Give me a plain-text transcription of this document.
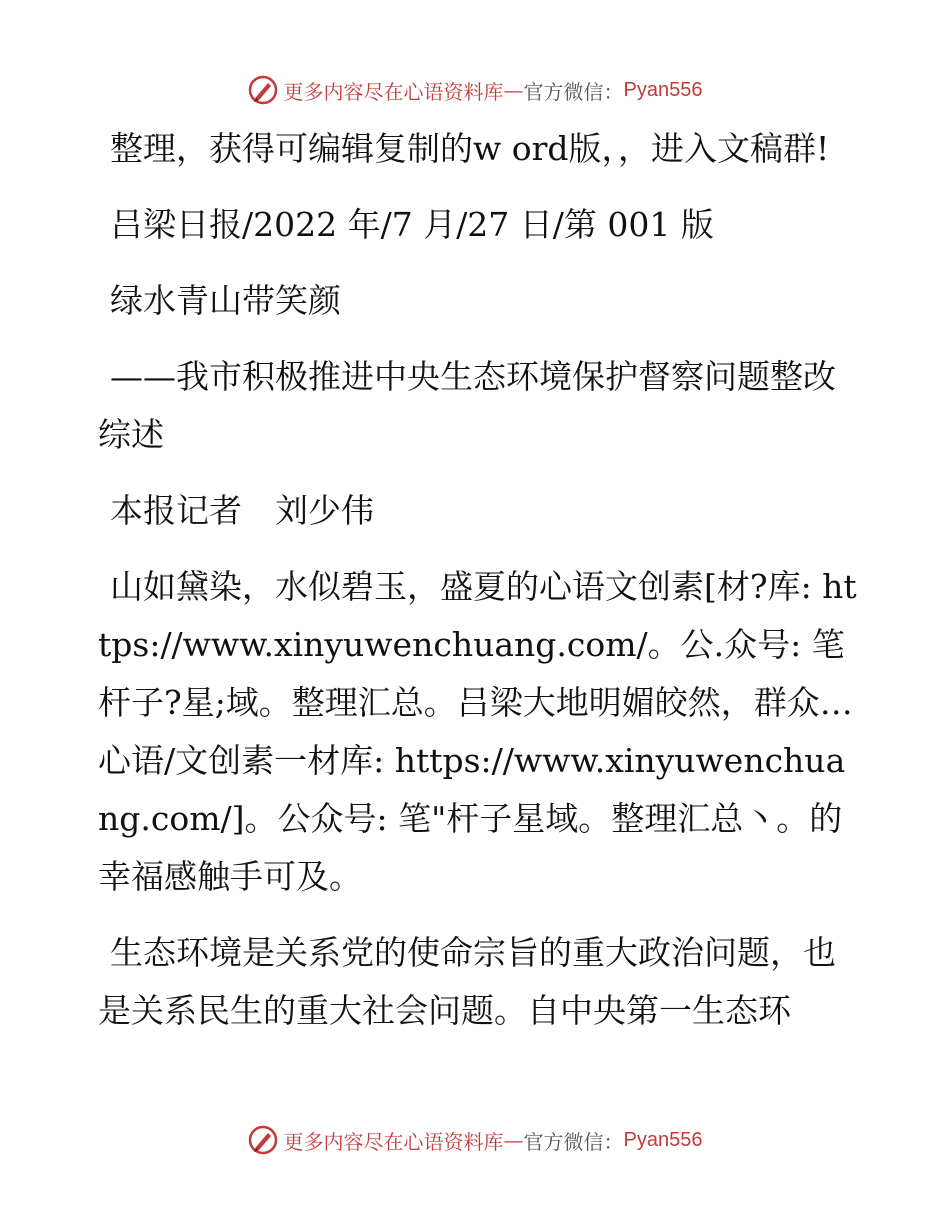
更多内容尽在心语资料库 — 官方微信： Pyan556

整理，获得可编辑复制的w ord版，，进入文稿群!

吕梁日报/2022 年/7 月/27 日/第 001 版

绿水青山带笑颜

——我市积极推进中央生态环境保护督察问题整改综述

本报记者　刘少伟

山如黛染，水似碧玉，盛夏的心语文创素[材?库: https://www.xinyuwenchuang.com/。公.众号: 笔杆子?星;域。整理汇总。吕梁大地明媚皎然，群众…心语/文创素一材库: https://www.xinyuwenchuang.com/]。公众号: 笔"杆子星域。整理汇总丶。的幸福感触手可及。

生态环境是关系党的使命宗旨的重大政治问题，也是关系民生的重大社会问题。自中央第一生态环

更多内容尽在心语资料库 — 官方微信： Pyan556
